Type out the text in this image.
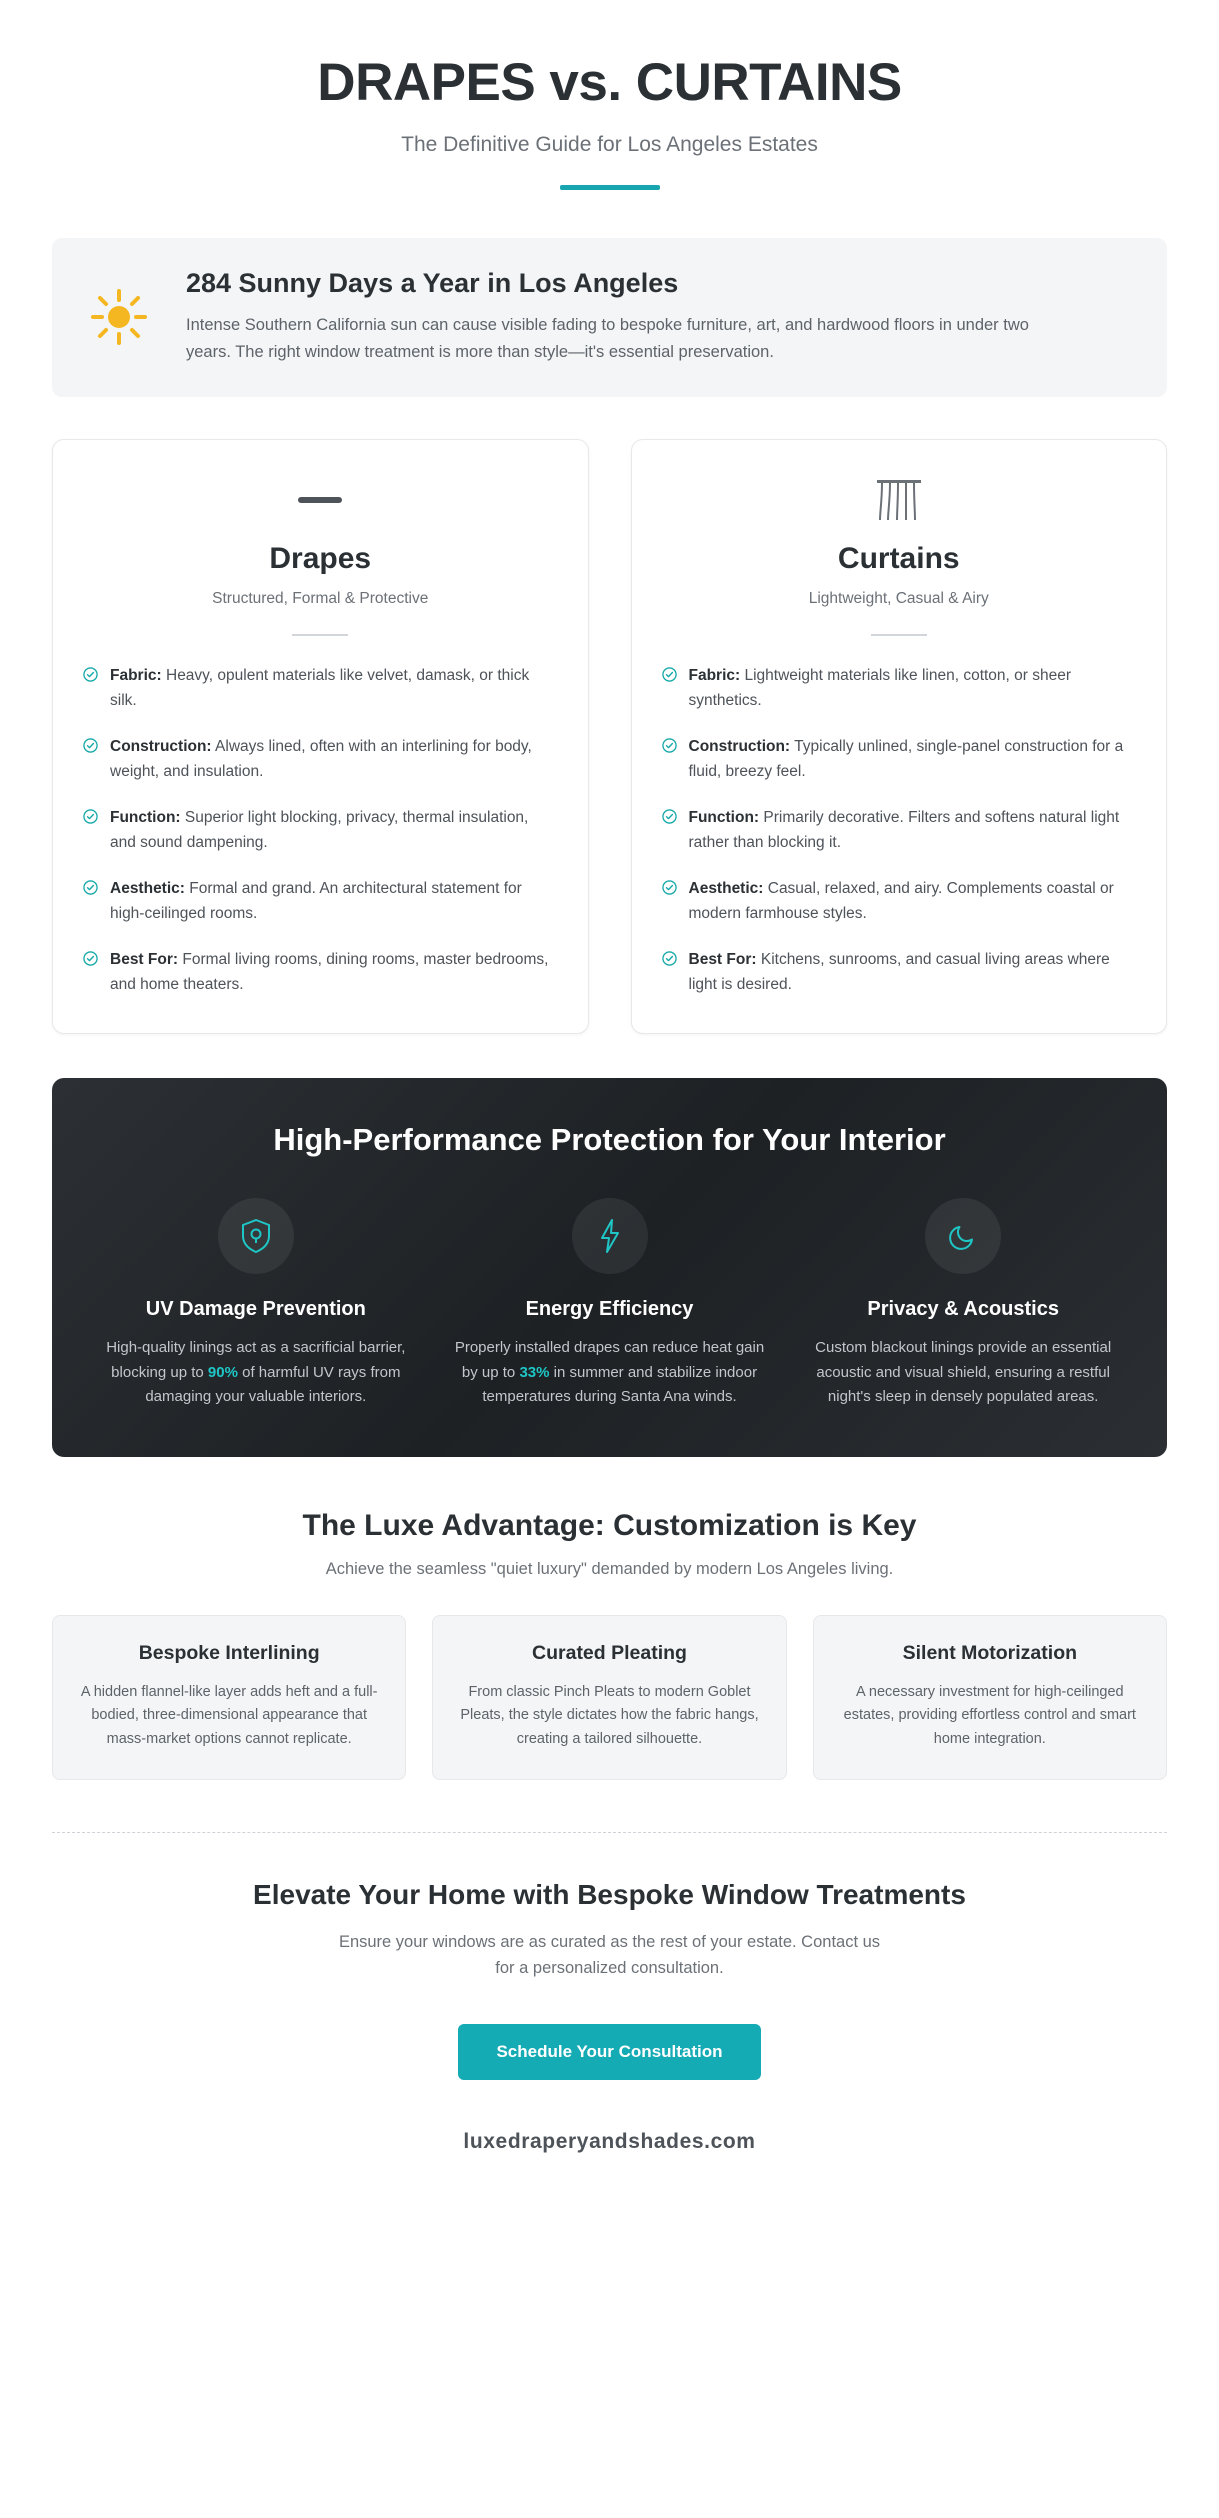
DRAPES vs. CURTAINS
The Definitive Guide for Los Angeles Estates
284 Sunny Days a Year in Los Angeles
Intense Southern California sun can cause visible fading to bespoke furniture, art, and hardwood floors in under two years. The right window treatment is more than style—it's essential preservation.
Drapes
Structured, Formal & Protective
Fabric: Heavy, opulent materials like velvet, damask, or thick silk.
Construction: Always lined, often with an interlining for body, weight, and insulation.
Function: Superior light blocking, privacy, thermal insulation, and sound dampening.
Aesthetic: Formal and grand. An architectural statement for high-ceilinged rooms.
Best For: Formal living rooms, dining rooms, master bedrooms, and home theaters.
Curtains
Lightweight, Casual & Airy
Fabric: Lightweight materials like linen, cotton, or sheer synthetics.
Construction: Typically unlined, single-panel construction for a fluid, breezy feel.
Function: Primarily decorative. Filters and softens natural light rather than blocking it.
Aesthetic: Casual, relaxed, and airy. Complements coastal or modern farmhouse styles.
Best For: Kitchens, sunrooms, and casual living areas where light is desired.
High-Performance Protection for Your Interior
UV Damage Prevention
High-quality linings act as a sacrificial barrier, blocking up to 90% of harmful UV rays from damaging your valuable interiors.
Energy Efficiency
Properly installed drapes can reduce heat gain by up to 33% in summer and stabilize indoor temperatures during Santa Ana winds.
Privacy & Acoustics
Custom blackout linings provide an essential acoustic and visual shield, ensuring a restful night's sleep in densely populated areas.
The Luxe Advantage: Customization is Key
Achieve the seamless "quiet luxury" demanded by modern Los Angeles living.
Bespoke Interlining
A hidden flannel-like layer adds heft and a full-bodied, three-dimensional appearance that mass-market options cannot replicate.
Curated Pleating
From classic Pinch Pleats to modern Goblet Pleats, the style dictates how the fabric hangs, creating a tailored silhouette.
Silent Motorization
A necessary investment for high-ceilinged estates, providing effortless control and smart home integration.
Elevate Your Home with Bespoke Window Treatments
Ensure your windows are as curated as the rest of your estate. Contact us
for a personalized consultation.
Schedule Your Consultation
luxedraperyandshades.com
